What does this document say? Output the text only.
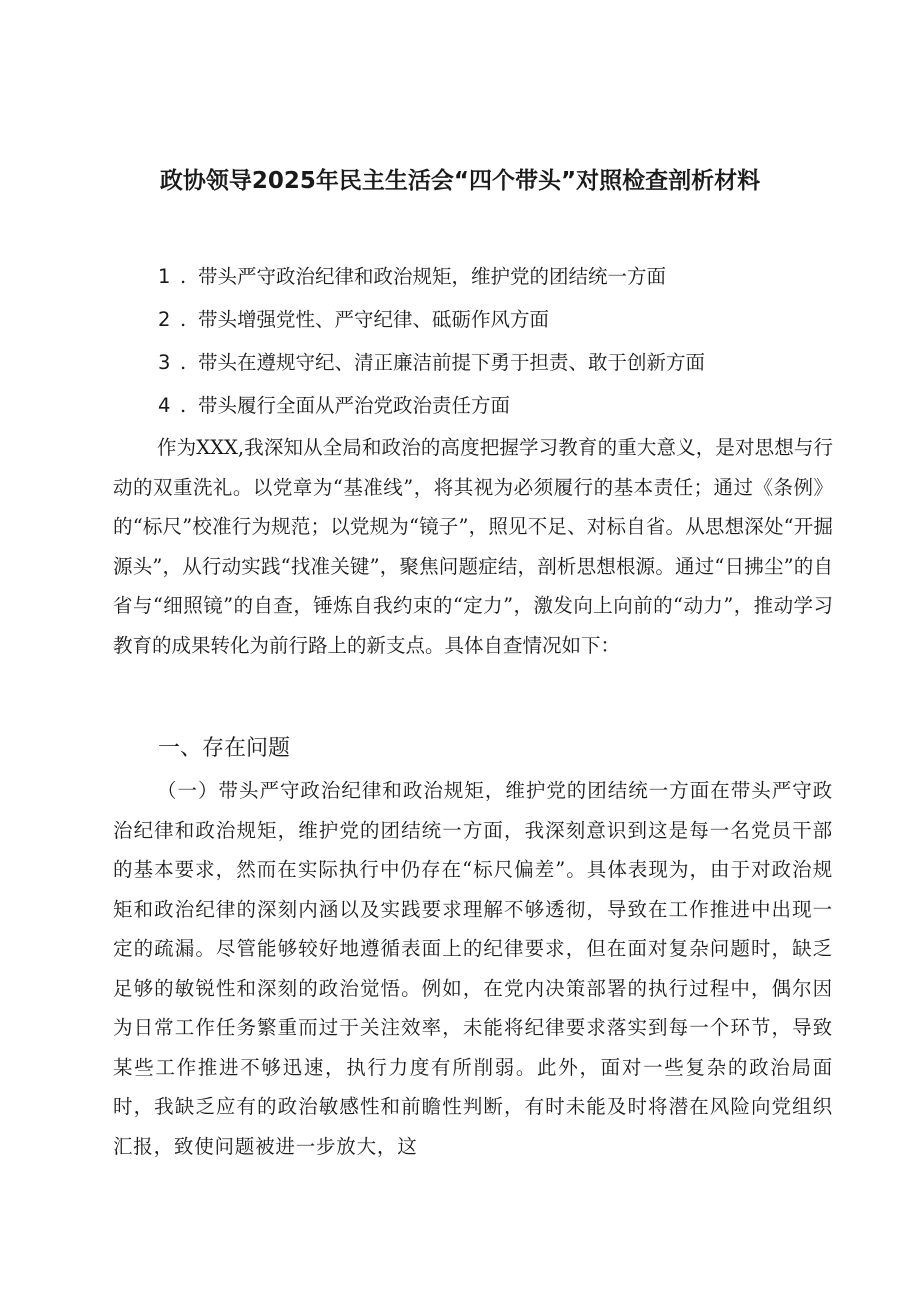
政协领导2025年民主生活会“四个带头”对照检查剖析材料
1 . 带头严守政治纪律和政治规矩，维护党的团结统一方面
2 . 带头增强党性、严守纪律、砥砺作风方面
3 . 带头在遵规守纪、清正廉洁前提下勇于担责、敢于创新方面
4 . 带头履行全面从严治党政治责任方面

作为XXX,我深知从全局和政治的高度把握学习教育的重大意义，是对思想与行动的双重洗礼。以党章为“基准线”，将其视为必须履行的基本责任；通过《条例》的“标尺”校准行为规范；以党规为“镜子”，照见不足、对标自省。从思想深处“开掘源头”，从行动实践“找准关键”，聚焦问题症结，剖析思想根源。通过“日拂尘”的自省与“细照镜”的自查，锤炼自我约束的“定力”，激发向上向前的“动力”，推动学习教育的成果转化为前行路上的新支点。具体自查情况如下：

一、存在问题

（一）带头严守政治纪律和政治规矩，维护党的团结统一方面在带头严守政治纪律和政治规矩，维护党的团结统一方面，我深刻意识到这是每一名党员干部的基本要求，然而在实际执行中仍存在“标尺偏差”。具体表现为，由于对政治规矩和政治纪律的深刻内涵以及实践要求理解不够透彻，导致在工作推进中出现一定的疏漏。尽管能够较好地遵循表面上的纪律要求，但在面对复杂问题时，缺乏足够的敏锐性和深刻的政治觉悟。例如，在党内决策部署的执行过程中，偶尔因为日常工作任务繁重而过于关注效率，未能将纪律要求落实到每一个环节，导致某些工作推进不够迅速，执行力度有所削弱。此外，面对一些复杂的政治局面时，我缺乏应有的政治敏感性和前瞻性判断，有时未能及时将潜在风险向党组织汇报，致使问题被进一步放大，这
